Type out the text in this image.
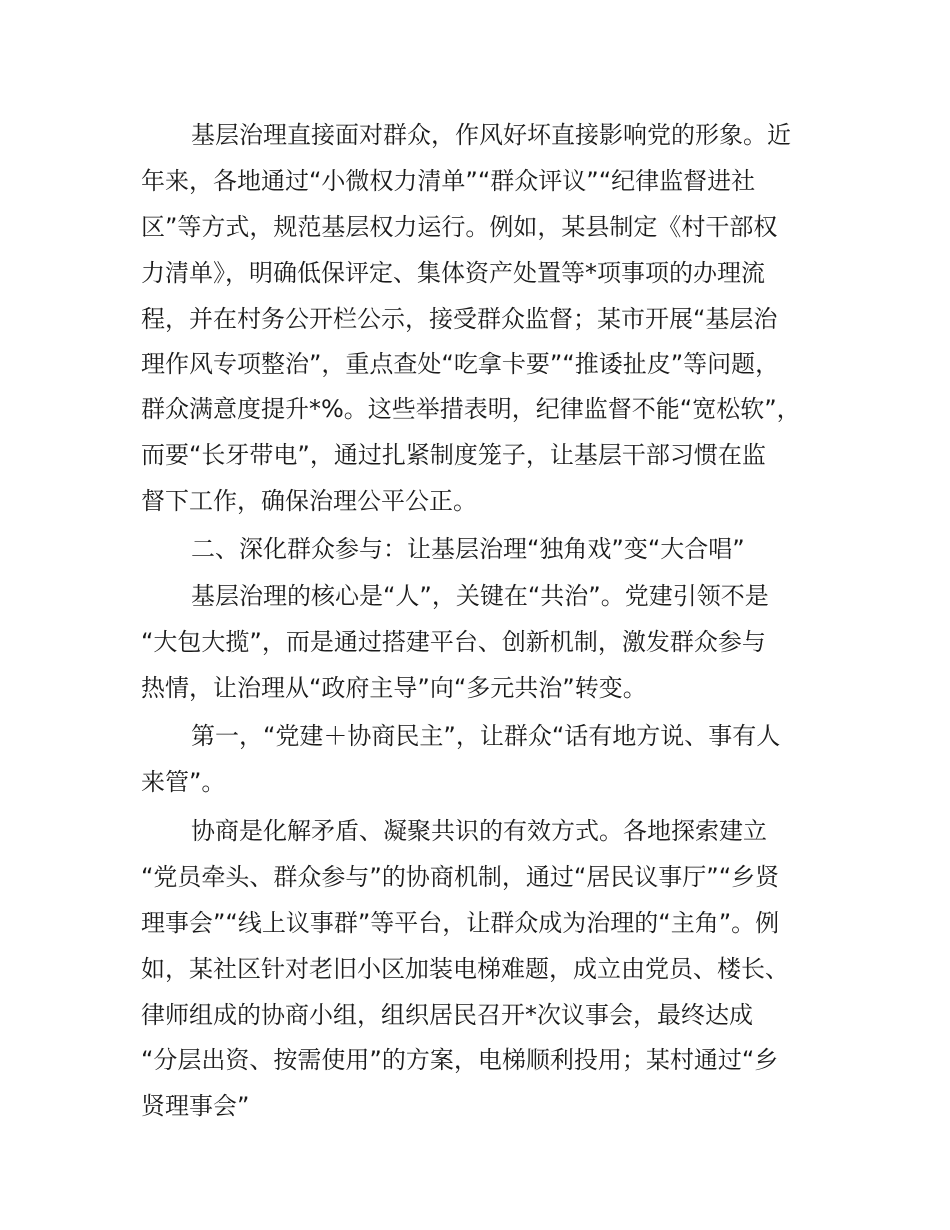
基层治理直接面对群众，作风好坏直接影响党的形象。近

年来，各地通过“小微权力清单”“群众评议”“纪律监督进社

区”等方式，规范基层权力运行。例如，某县制定《村干部权

力清单》，明确低保评定、集体资产处置等*项事项的办理流

程，并在村务公开栏公示，接受群众监督；某市开展“基层治

理作风专项整治”，重点查处“吃拿卡要”“推诿扯皮”等问题，

群众满意度提升*%。这些举措表明，纪律监督不能“宽松软”，

而要“长牙带电”，通过扎紧制度笼子，让基层干部习惯在监

督下工作，确保治理公平公正。

二、深化群众参与：让基层治理“独角戏”变“大合唱”

基层治理的核心是“人”，关键在“共治”。党建引领不是

“大包大揽”，而是通过搭建平台、创新机制，激发群众参与

热情，让治理从“政府主导”向“多元共治”转变。

第一，“党建＋协商民主”，让群众“话有地方说、事有人

来管”。

协商是化解矛盾、凝聚共识的有效方式。各地探索建立

“党员牵头、群众参与”的协商机制，通过“居民议事厅”“乡贤

理事会”“线上议事群”等平台，让群众成为治理的“主角”。例

如，某社区针对老旧小区加装电梯难题，成立由党员、楼长、

律师组成的协商小组，组织居民召开*次议事会，最终达成

“分层出资、按需使用”的方案，电梯顺利投用；某村通过“乡

贤理事会”
